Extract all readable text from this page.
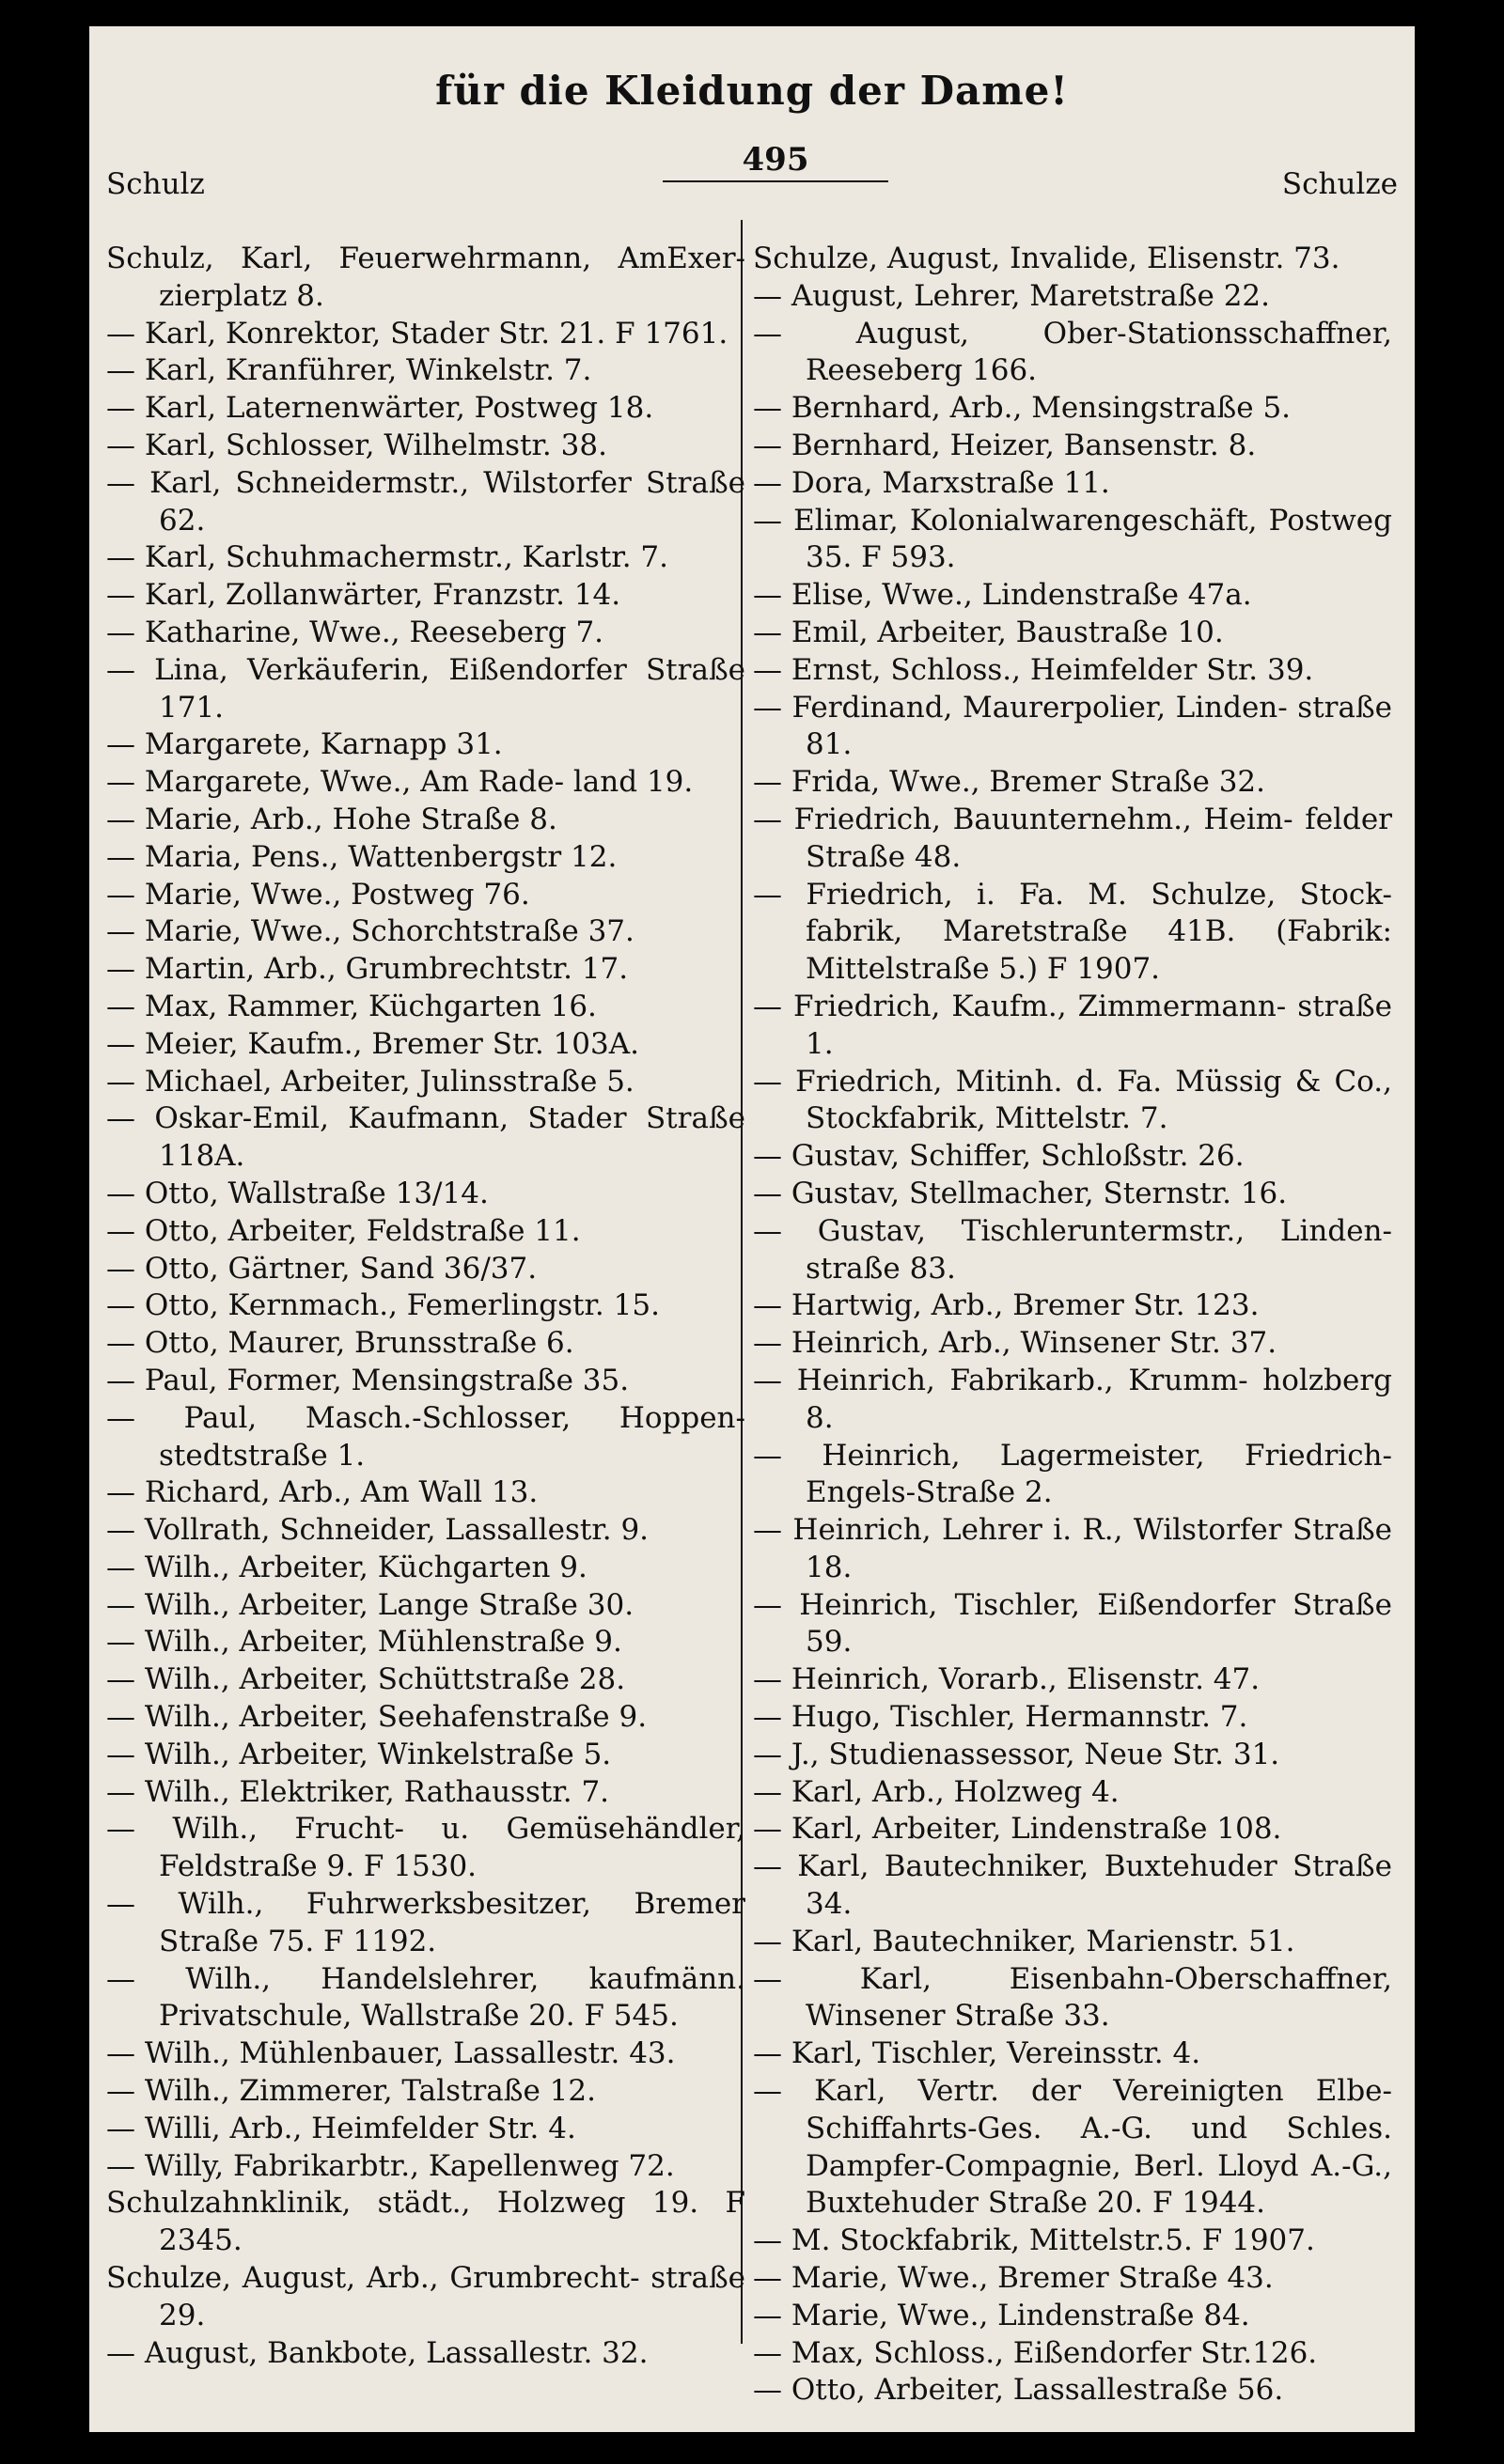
für die Kleidung der Dame!
Schulz
495
Schulze

Schulz, Karl, Feuerwehrmann, AmExer- zierplatz 8.

— Karl, Konrektor, Stader Str. 21. F 1761.

— Karl, Kranführer, Winkelstr. 7.

— Karl, Laternenwärter, Postweg 18.

— Karl, Schlosser, Wilhelmstr. 38.

— Karl, Schneidermstr., Wilstorfer Straße 62.

— Karl, Schuhmachermstr., Karlstr. 7.

— Karl, Zollanwärter, Franzstr. 14.

— Katharine, Wwe., Reeseberg 7.

— Lina, Verkäuferin, Eißendorfer Straße 171.

— Margarete, Karnapp 31.

— Margarete, Wwe., Am Rade- land 19.

— Marie, Arb., Hohe Straße 8.

— Maria, Pens., Wattenbergstr 12.

— Marie, Wwe., Postweg 76.

— Marie, Wwe., Schorchtstraße 37.

— Martin, Arb., Grumbrechtstr. 17.

— Max, Rammer, Küchgarten 16.

— Meier, Kaufm., Bremer Str. 103A.

— Michael, Arbeiter, Julinsstraße 5.

— Oskar-Emil, Kaufmann, Stader Straße 118A.

— Otto, Wallstraße 13/14.

— Otto, Arbeiter, Feldstraße 11.

— Otto, Gärtner, Sand 36/37.

— Otto, Kernmach., Femerlingstr. 15.

— Otto, Maurer, Brunsstraße 6.

— Paul, Former, Mensingstraße 35.

— Paul, Masch.-Schlosser, Hoppen- stedtstraße 1.

— Richard, Arb., Am Wall 13.

— Vollrath, Schneider, Lassallestr. 9.

— Wilh., Arbeiter, Küchgarten 9.

— Wilh., Arbeiter, Lange Straße 30.

— Wilh., Arbeiter, Mühlenstraße 9.

— Wilh., Arbeiter, Schüttstraße 28.

— Wilh., Arbeiter, Seehafenstraße 9.

— Wilh., Arbeiter, Winkelstraße 5.

— Wilh., Elektriker, Rathausstr. 7.

— Wilh., Frucht- u. Gemüsehändler, Feldstraße 9. F 1530.

— Wilh., Fuhrwerksbesitzer, Bremer Straße 75. F 1192.

— Wilh., Handelslehrer, kaufmänn. Privatschule, Wallstraße 20. F 545.

— Wilh., Mühlenbauer, Lassallestr. 43.

— Wilh., Zimmerer, Talstraße 12.

— Willi, Arb., Heimfelder Str. 4.

— Willy, Fabrikarbtr., Kapellenweg 72.

Schulzahnklinik, städt., Holzweg 19. F 2345.

Schulze, August, Arb., Grumbrecht- straße 29.

— August, Bankbote, Lassallestr. 32.

Schulze, August, Invalide, Elisenstr. 73.

— August, Lehrer, Maretstraße 22.

— August, Ober-Stationsschaffner, Reeseberg 166.

— Bernhard, Arb., Mensingstraße 5.

— Bernhard, Heizer, Bansenstr. 8.

— Dora, Marxstraße 11.

— Elimar, Kolonialwarengeschäft, Postweg 35. F 593.

— Elise, Wwe., Lindenstraße 47a.

— Emil, Arbeiter, Baustraße 10.

— Ernst, Schloss., Heimfelder Str. 39.

— Ferdinand, Maurerpolier, Linden- straße 81.

— Frida, Wwe., Bremer Straße 32.

— Friedrich, Bauunternehm., Heim- felder Straße 48.

— Friedrich, i. Fa. M. Schulze, Stock- fabrik, Maretstraße 41B. (Fabrik: Mittelstraße 5.) F 1907.

— Friedrich, Kaufm., Zimmermann- straße 1.

— Friedrich, Mitinh. d. Fa. Müssig & Co., Stockfabrik, Mittelstr. 7.

— Gustav, Schiffer, Schloßstr. 26.

— Gustav, Stellmacher, Sternstr. 16.

— Gustav, Tischleruntermstr., Linden- straße 83.

— Hartwig, Arb., Bremer Str. 123.

— Heinrich, Arb., Winsener Str. 37.

— Heinrich, Fabrikarb., Krumm- holzberg 8.

— Heinrich, Lagermeister, Friedrich- Engels-Straße 2.

— Heinrich, Lehrer i. R., Wilstorfer Straße 18.

— Heinrich, Tischler, Eißendorfer Straße 59.

— Heinrich, Vorarb., Elisenstr. 47.

— Hugo, Tischler, Hermannstr. 7.

— J., Studienassessor, Neue Str. 31.

— Karl, Arb., Holzweg 4.

— Karl, Arbeiter, Lindenstraße 108.

— Karl, Bautechniker, Buxtehuder Straße 34.

— Karl, Bautechniker, Marienstr. 51.

— Karl, Eisenbahn-Oberschaffner, Winsener Straße 33.

— Karl, Tischler, Vereinsstr. 4.

— Karl, Vertr. der Vereinigten Elbe- Schiffahrts-Ges. A.-G. und Schles. Dampfer-Compagnie, Berl. Lloyd A.-G., Buxtehuder Straße 20. F 1944.

— M. Stockfabrik, Mittelstr.5. F 1907.

— Marie, Wwe., Bremer Straße 43.

— Marie, Wwe., Lindenstraße 84.

— Max, Schloss., Eißendorfer Str.126.

— Otto, Arbeiter, Lassallestraße 56.
